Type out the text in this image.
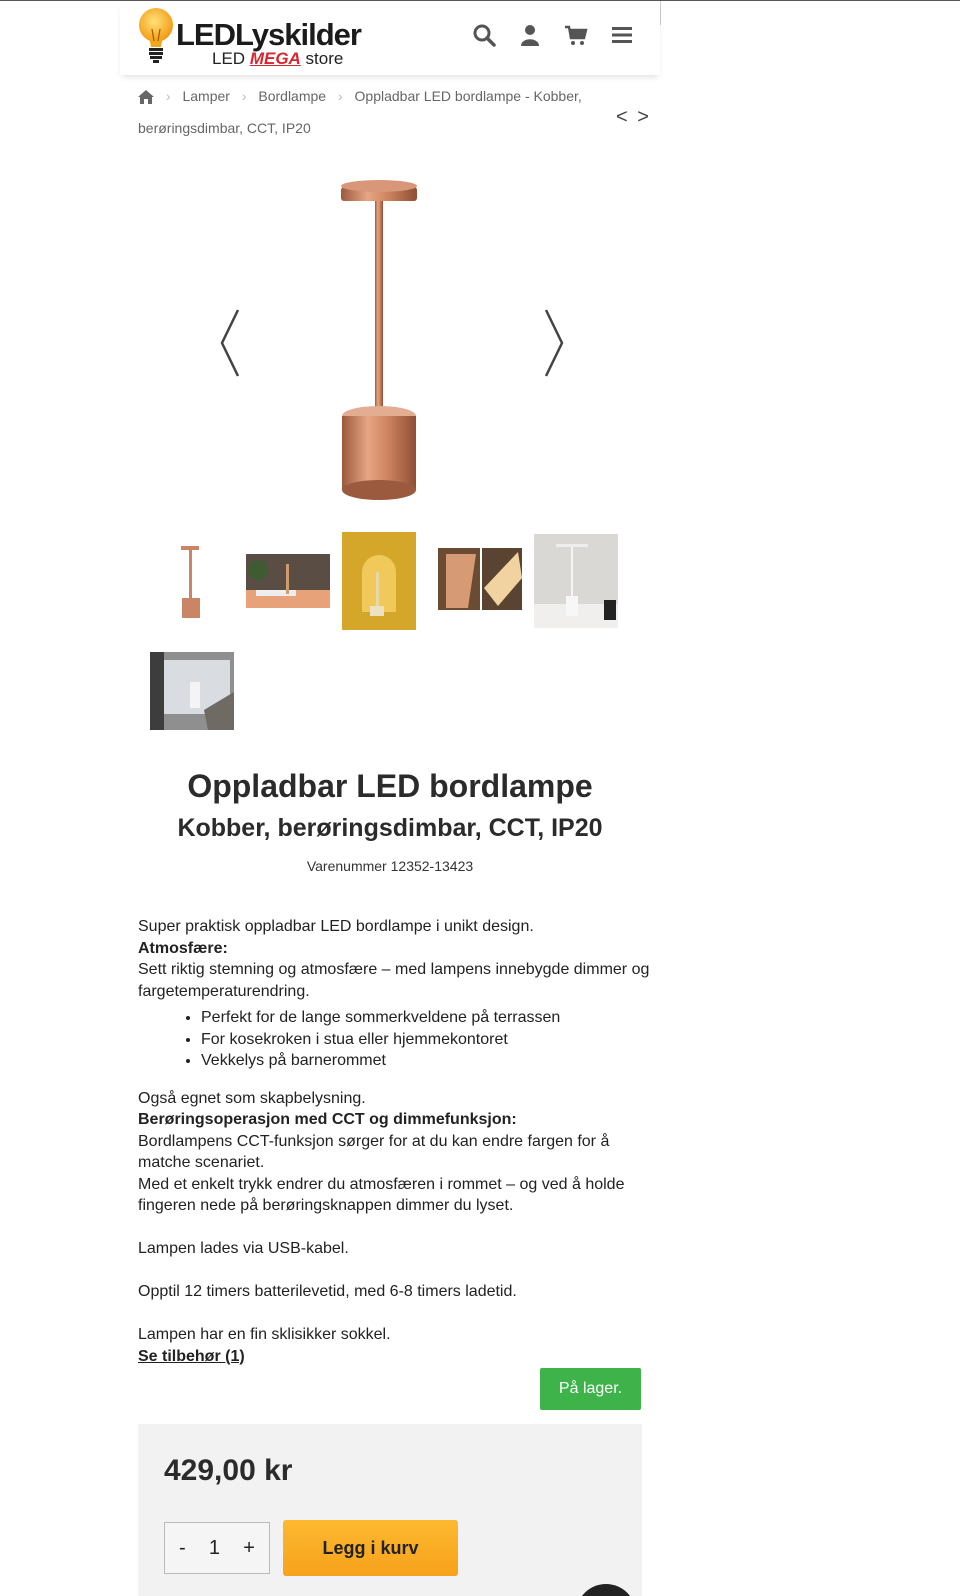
LEDLyskilder
LED MEGA store
› Lamper › Bordlampe › Oppladbar LED bordlampe - Kobber,
berøringsdimbar, CCT, IP20	< >
Oppladbar LED bordlampe
Kobber, berøringsdimbar, CCT, IP20
Varenummer 12352-13423

Super praktisk oppladbar LED bordlampe i unikt design.

Atmosfære:

Sett riktig stemning og atmosfære – med lampens innebygde dimmer og fargetemperaturendring.

• Perfekt for de lange sommerkveldene på terrassen
• For kosekroken i stua eller hjemmekontoret
• Vekkelys på barnerommet

Også egnet som skapbelysning.

Berøringsoperasjon med CCT og dimmefunksjon:

Bordlampens CCT-funksjon sørger for at du kan endre fargen for å matche scenariet.

Med et enkelt trykk endrer du atmosfæren i rommet – og ved å holde fingeren nede på berøringsknappen dimmer du lyset.

Lampen lades via USB-kabel.

Opptil 12 timers batterilevetid, med 6-8 timers ladetid.

Lampen har en fin sklisikker sokkel.

Se tilbehør (1)

På lager.
429,00 kr
- 1 +	Legg i kurv
